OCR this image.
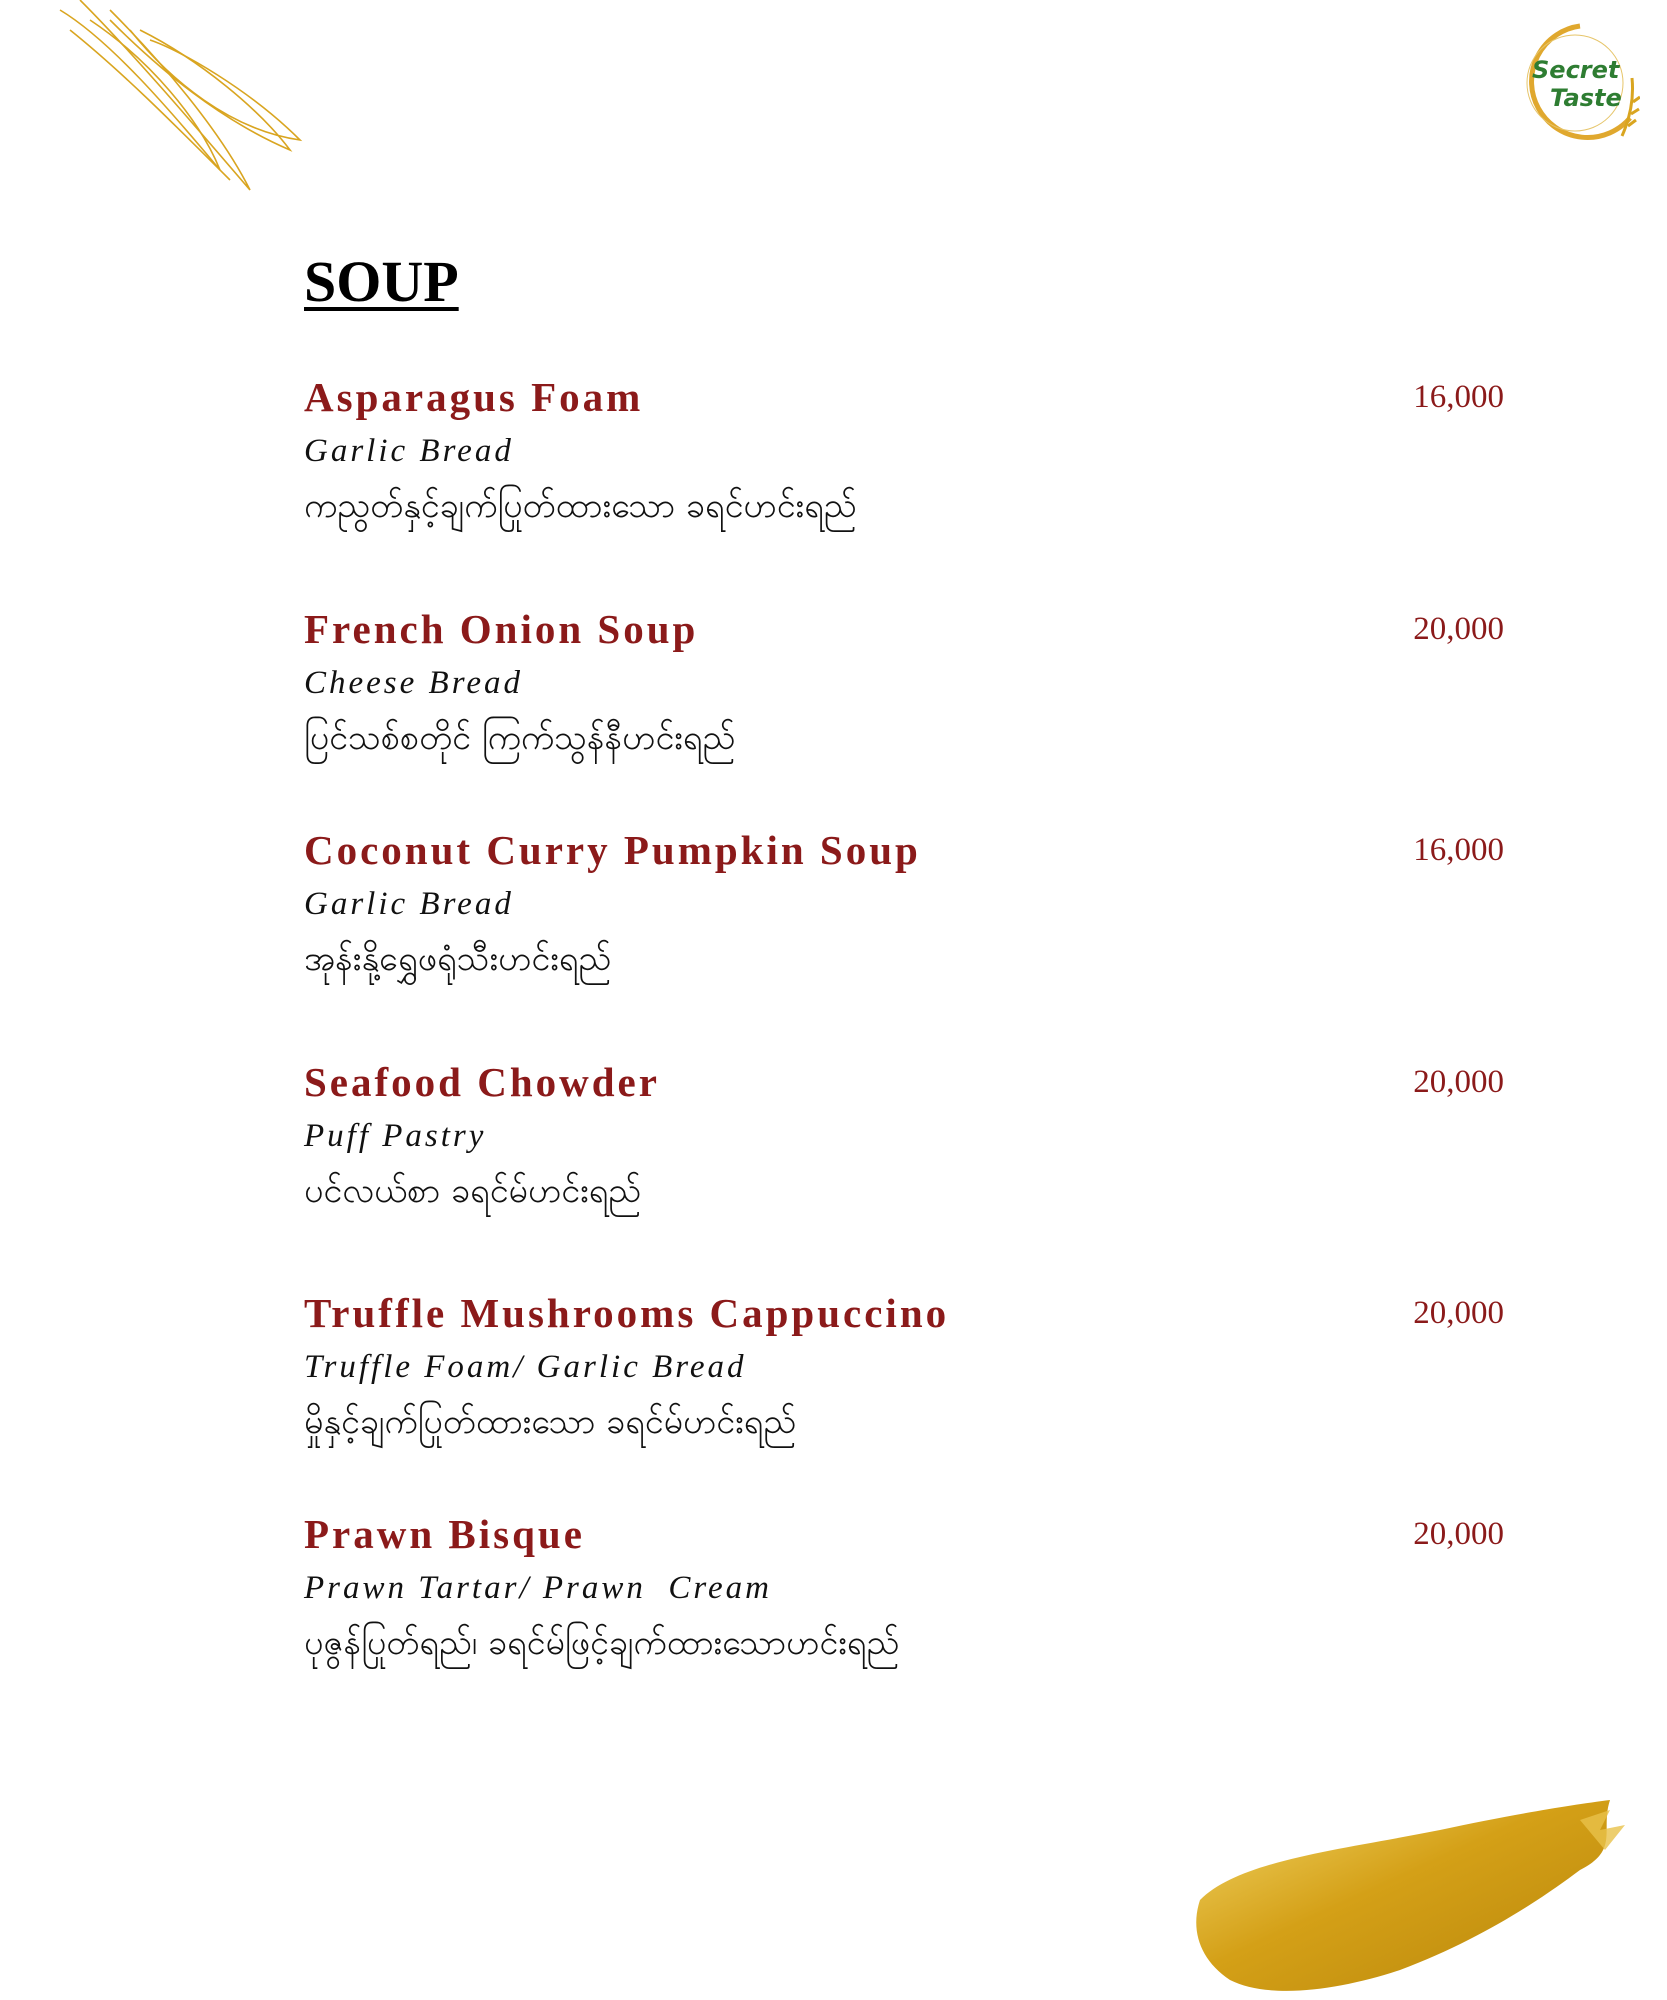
Secret
Taste
SOUP
Asparagus Foam	16,000
Garlic Bread
ကညွတ်နှင့်ချက်ပြုတ်ထားသော ခရင်ဟင်းရည်
French Onion Soup	20,000
Cheese Bread
ပြင်သစ်စတိုင် ကြက်သွန်နီဟင်းရည်
Coconut Curry Pumpkin Soup	16,000
Garlic Bread
အုန်းနို့ရွှေဖရုံသီးဟင်းရည်
Seafood Chowder	20,000
Puff Pastry
ပင်လယ်စာ ခရင်မ်ဟင်းရည်
Truffle Mushrooms Cappuccino	20,000
Truffle Foam/ Garlic Bread
မှိုနှင့်ချက်ပြုတ်ထားသော ခရင်မ်ဟင်းရည်
Prawn Bisque	20,000
Prawn Tartar/ Prawn  Cream
ပုဇွန်ပြုတ်ရည်၊ ခရင်မ်ဖြင့်ချက်ထားသောဟင်းရည်
